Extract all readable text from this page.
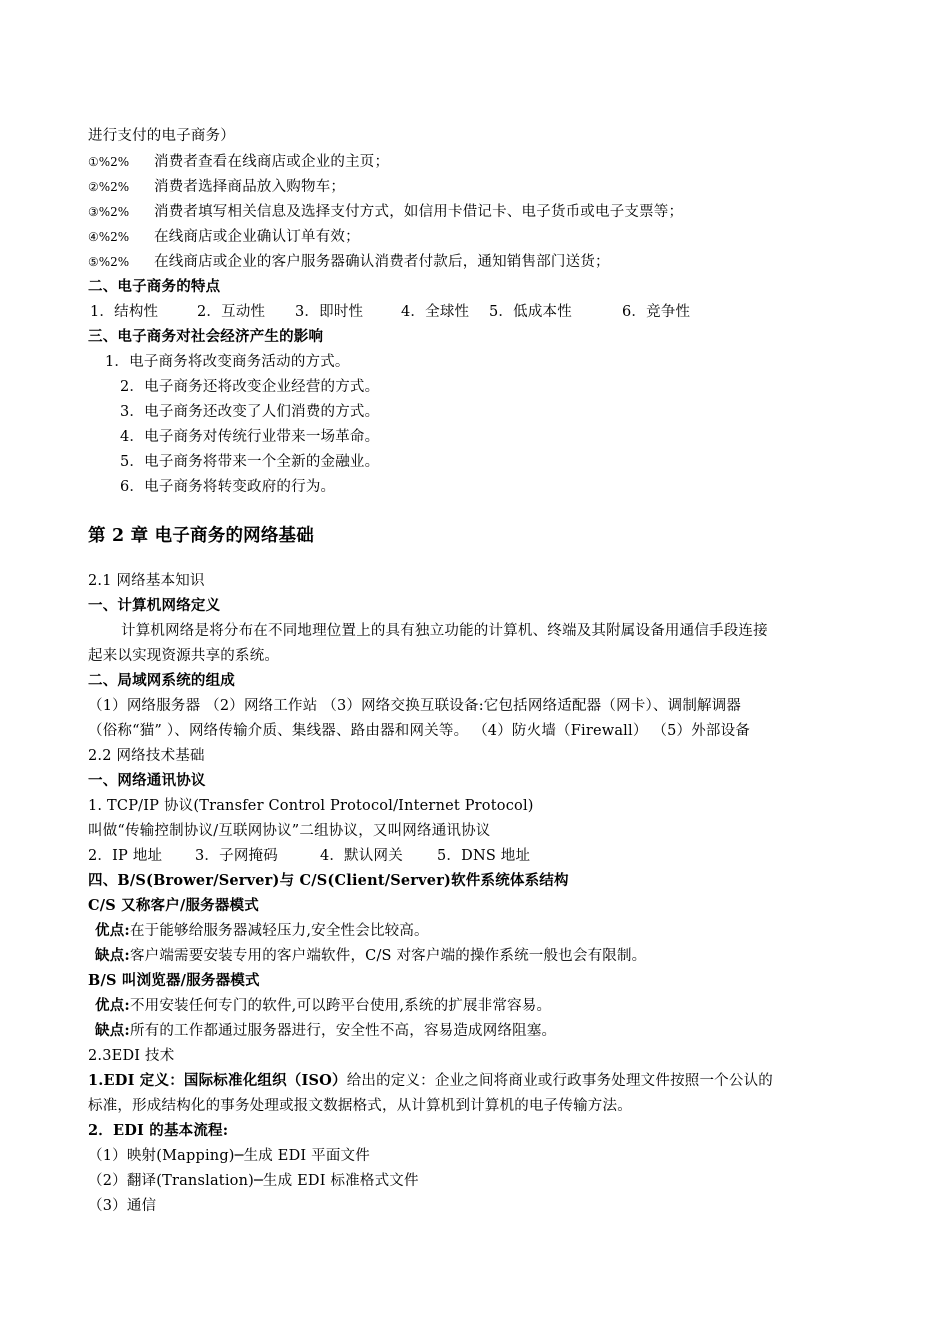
进行支付的电子商务）
①%2% 消费者查看在线商店或企业的主页；
②%2% 消费者选择商品放入购物车；
③%2% 消费者填写相关信息及选择支付方式，如信用卡借记卡、电子货币或电子支票等；
④%2% 在线商店或企业确认订单有效；
⑤%2% 在线商店或企业的客户服务器确认消费者付款后，通知销售部门送货；
二、电子商务的特点
1．结构性	2．互动性 3．即时性	4．全球性 5．低成本性	6．竞争性
三、电子商务对社会经济产生的影响
1．电子商务将改变商务活动的方式。
2．电子商务还将改变企业经营的方式。
3．电子商务还改变了人们消费的方式。
4．电子商务对传统行业带来一场革命。
5．电子商务将带来一个全新的金融业。
6．电子商务将转变政府的行为。
第 2 章 电子商务的网络基础
2.1 网络基本知识
一、计算机网络定义
计算机网络是将分布在不同地理位置上的具有独立功能的计算机、终端及其附属设备用通信手段连接
起来以实现资源共享的系统。
二、局域网系统的组成
（1）网络服务器 （2）网络工作站 （3）网络交换互联设备:它包括网络适配器（网卡）、调制解调器
（俗称“猫” ）、网络传输介质、集线器、路由器和网关等。 （4）防火墙（Firewall） （5）外部设备
2.2 网络技术基础
一、网络通讯协议
1. TCP/IP 协议(Transfer Control Protocol/Internet Protocol)
叫做“传输控制协议/互联网协议”二组协议，又叫网络通讯协议
2．IP 地址 3．子网掩码	4．默认网关 5．DNS 地址
四、B/S(Brower/Server)与 C/S(Client/Server)软件系统体系结构
C/S 又称客户/服务器模式
优点:在于能够给服务器减轻压力,安全性会比较高。
缺点:客户端需要安装专用的客户端软件，C/S 对客户端的操作系统一般也会有限制。
B/S 叫浏览器/服务器模式
优点:不用安装任何专门的软件,可以跨平台使用,系统的扩展非常容易。
缺点:所有的工作都通过服务器进行，安全性不高，容易造成网络阻塞。
2.3EDI 技术
1.EDI 定义：国际标准化组织（ISO）给出的定义：企业之间将商业或行政事务处理文件按照一个公认的
标准，形成结构化的事务处理或报文数据格式，从计算机到计算机的电子传输方法。
2．EDI 的基本流程:
（1）映射(Mapping)─生成 EDI 平面文件
（2）翻译(Translation)─生成 EDI 标准格式文件
（3）通信
